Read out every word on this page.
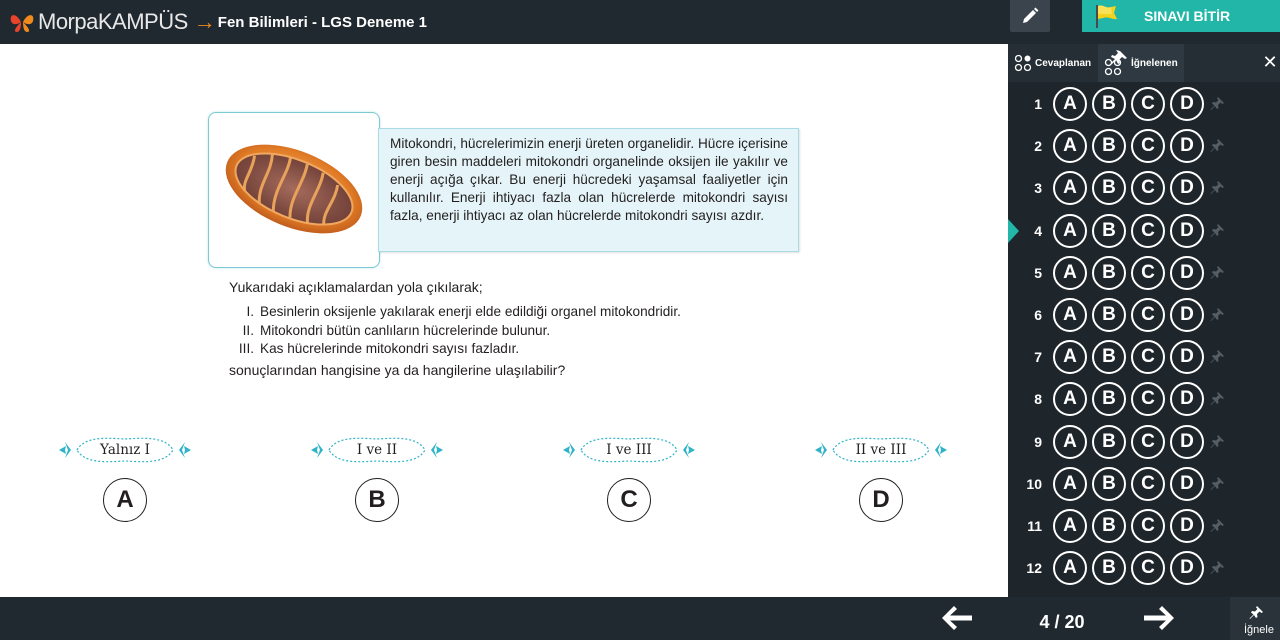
MorpaKAMPÜS → Fen Bilimleri - LGS Deneme 1	SINAVI BİTİR
Mitokondri, hücrelerimizin enerji üreten organelidir. Hücre içerisine giren besin maddeleri mitokondri organelinde oksijen ile yakılır ve enerji açığa çıkar. Bu enerji hücredeki yaşamsal faaliyetler için kullanılır. Enerji ihtiyacı fazla olan hücrelerde mitokondri sayısı fazla, enerji ihtiyacı az olan hücrelerde mitokondri sayısı azdır.
Yukarıdaki açıklamalardan yola çıkılarak;
I. Besinlerin oksijenle yakılarak enerji elde edildiği organel mitokondridir.
II. Mitokondri bütün canlıların hücrelerinde bulunur.
III. Kas hücrelerinde mitokondri sayısı fazladır.
sonuçlarından hangisine ya da hangilerine ulaşılabilir?
Yalnız I
A
I ve II
B
I ve III
C
II ve III
D
Cevaplanan	İğnelenen	✕
1	A	B	C	D
2	A	B	C	D
3	A	B	C	D
4	A	B	C	D
5	A	B	C	D
6	A	B	C	D
7	A	B	C	D
8	A	B	C	D
9	A	B	C	D
10	A	B	C	D
11	A	B	C	D
12	A	B	C	D
4 / 20	İğnele
